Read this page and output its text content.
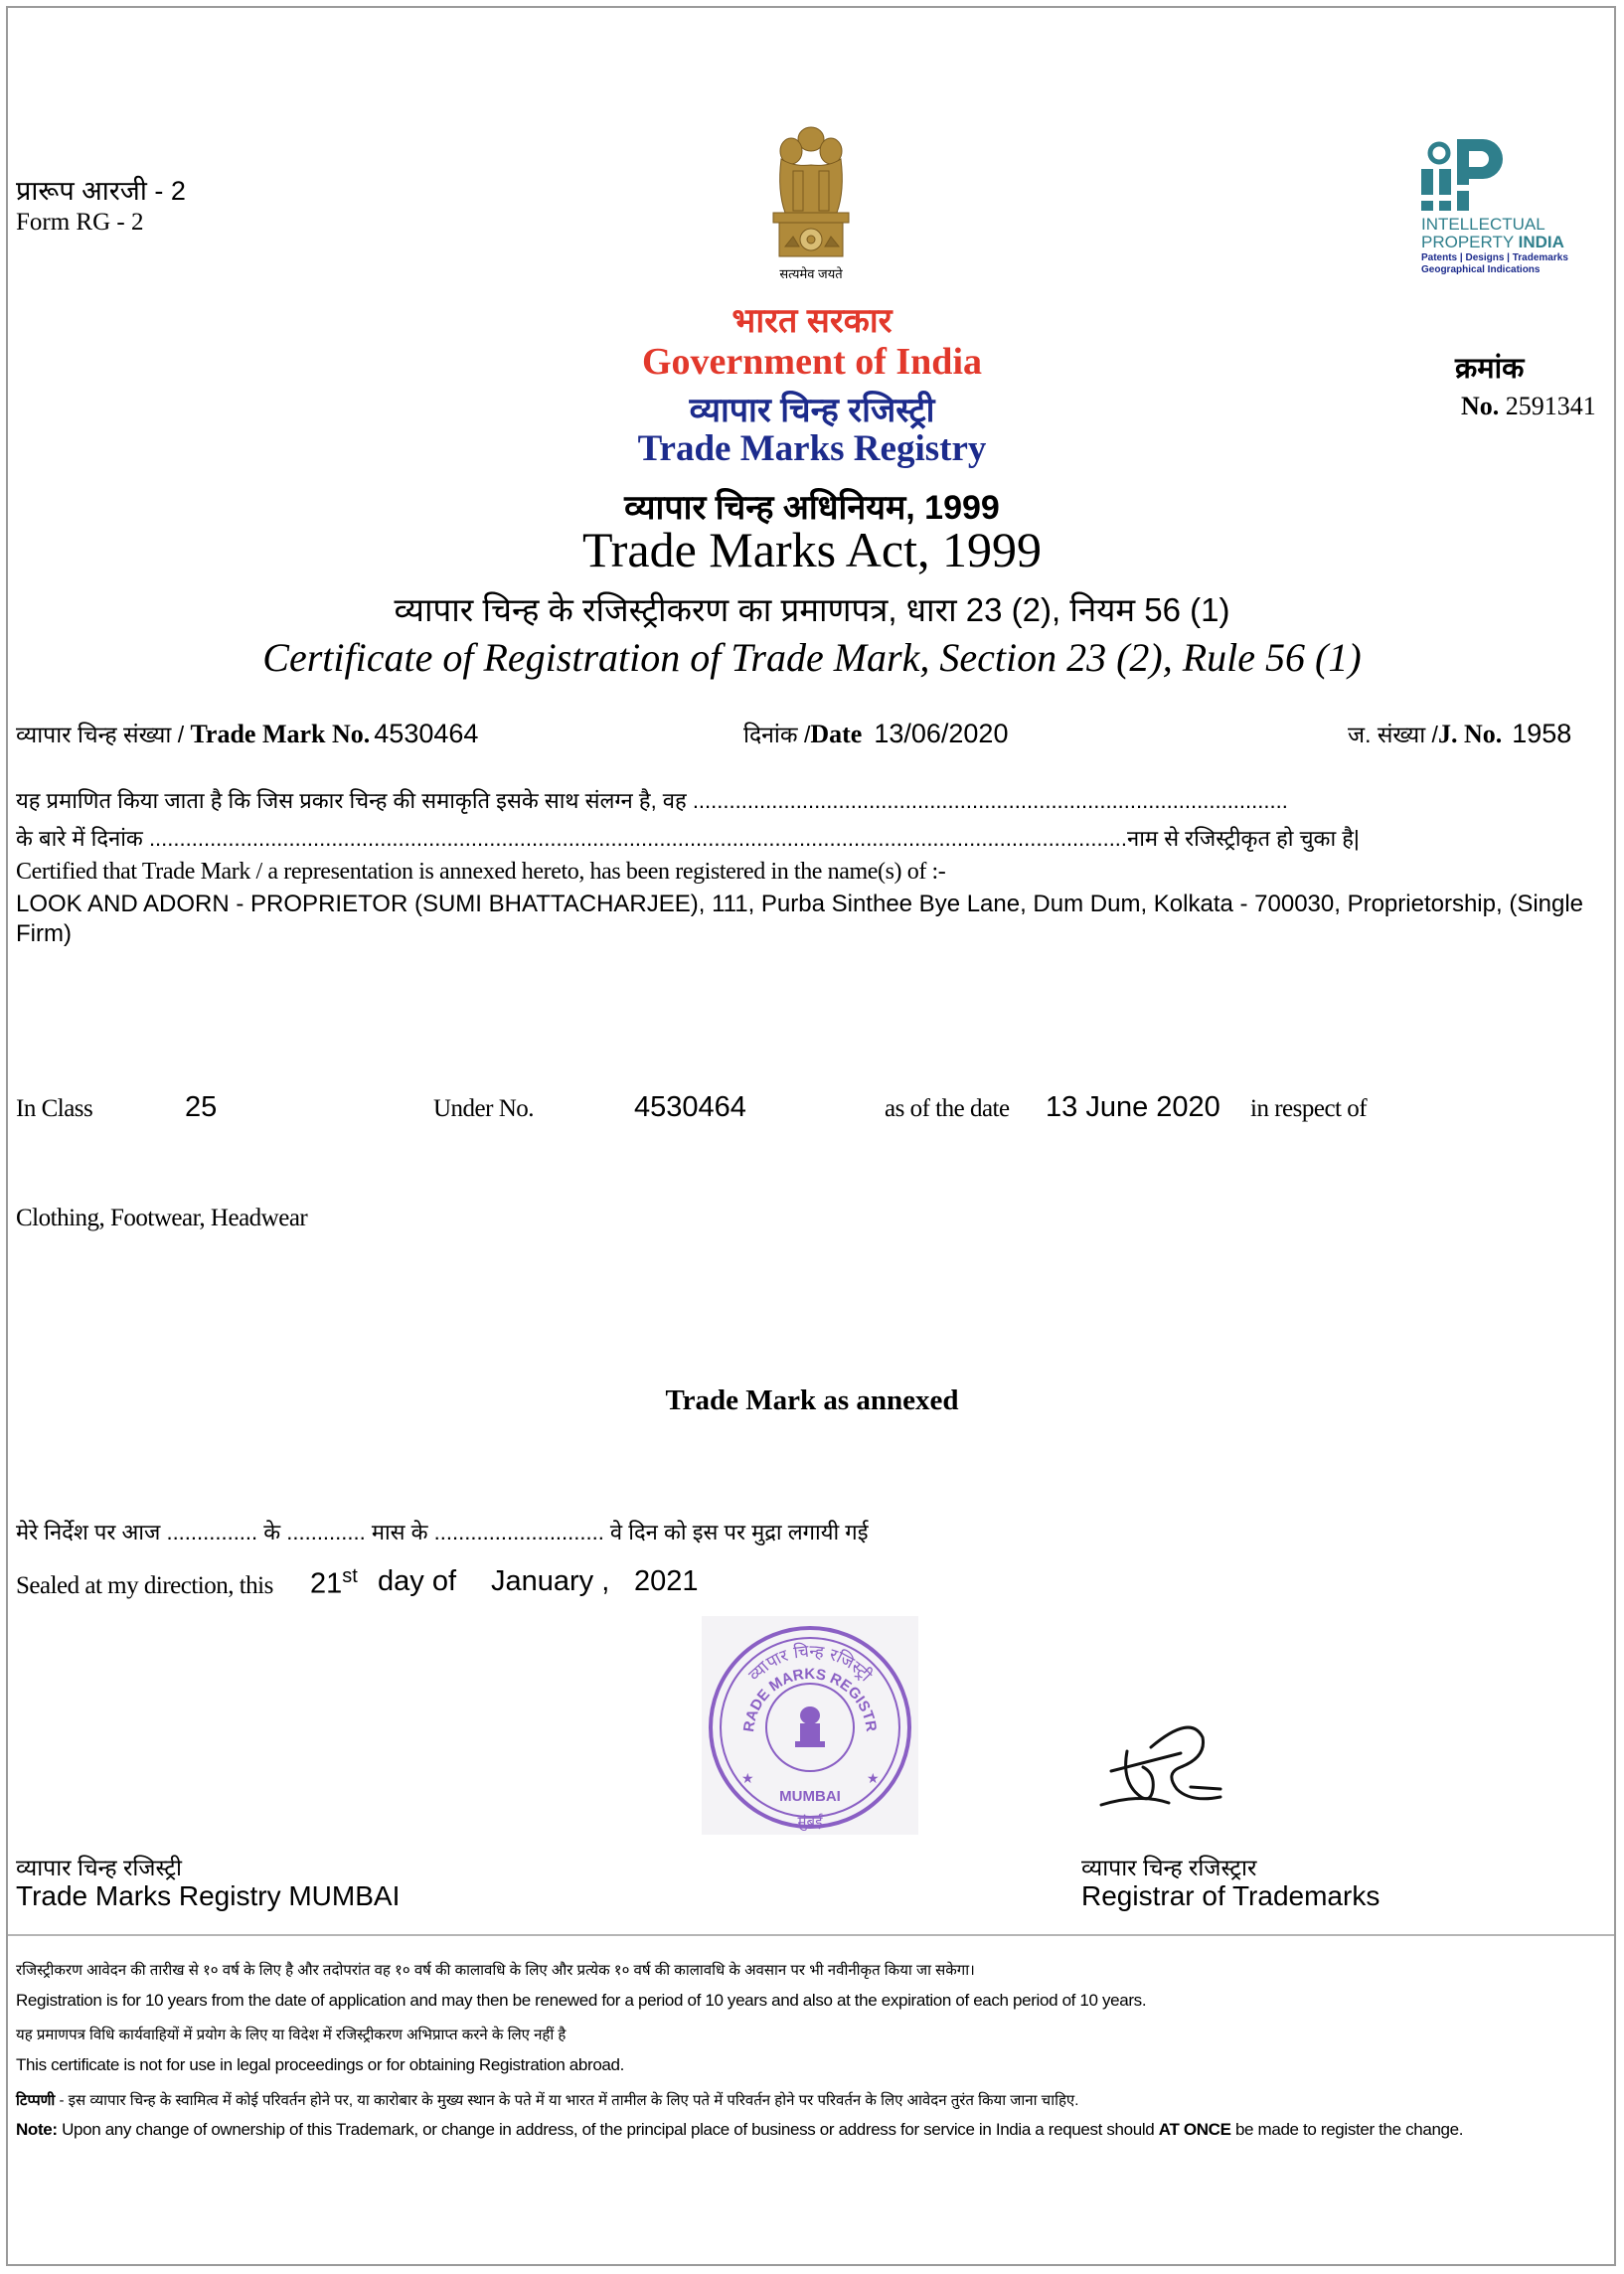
प्रारूप आरजी - 2
Form RG - 2
सत्यमेव जयते
INTELLECTUAL
PROPERTY INDIA
Patents | Designs | Trademarks
Geographical Indications
भारत सरकार
Government of India
व्यापार चिन्ह रजिस्ट्री
Trade Marks Registry
क्रमांक
No. 2591341
व्यापार चिन्ह अधिनियम, 1999
Trade Marks Act, 1999
व्यापार चिन्ह के रजिस्ट्रीकरण का प्रमाणपत्र, धारा 23 (2), नियम 56 (1)
Certificate of Registration of Trade Mark, Section 23 (2), Rule 56 (1)
व्यापार चिन्ह संख्या / Trade Mark No. 4530464	दिनांक /Date 13/06/2020	ज. संख्या /J. No. 1958
यह प्रमाणित किया जाता है कि जिस प्रकार चिन्ह की समाकृति इसके साथ संलग्न है, वह ..................................................................................................
के बारे में दिनांक .................................................................................................................................................................नाम से रजिस्ट्रीकृत हो चुका है|
Certified that Trade Mark / a representation is annexed hereto, has been registered in the name(s) of :-
LOOK AND ADORN - PROPRIETOR (SUMI BHATTACHARJEE), 111, Purba Sinthee Bye Lane, Dum Dum, Kolkata - 700030, Proprietorship, (Single Firm)
In Class	25	Under No.	4530464	as of the date 13 June 2020 in respect of
Clothing, Footwear, Headwear
Trade Mark as annexed
मेरे निर्देश पर आज ............... के ............. मास के ............................ वे दिन को इस पर मुद्रा लगायी गई
Sealed at my direction, this 21st day of January , 2021
व्यापार चिन्ह रजिस्ट्री
RADE MARKS REGISTR
★	★
MUMBAI
मुंबई
व्यापार चिन्ह रजिस्ट्री
Trade Marks Registry MUMBAI
व्यापार चिन्ह रजिस्ट्रार
Registrar of Trademarks
रजिस्ट्रीकरण आवेदन की तारीख से १० वर्ष के लिए है और तदोपरांत वह १० वर्ष की कालावधि के लिए और प्रत्येक १० वर्ष की कालावधि के अवसान पर भी नवीनीकृत किया जा सकेगा।
Registration is for 10 years from the date of application and may then be renewed for a period of 10 years and also at the expiration of each period of 10 years.
यह प्रमाणपत्र विधि कार्यवाहियों में प्रयोग के लिए या विदेश में रजिस्ट्रीकरण अभिप्राप्त करने के लिए नहीं है
This certificate is not for use in legal proceedings or for obtaining Registration abroad.
टिप्पणी - इस व्यापार चिन्ह के स्वामित्व में कोई परिवर्तन होने पर, या कारोबार के मुख्य स्थान के पते में या भारत में तामील के लिए पते में परिवर्तन होने पर परिवर्तन के लिए आवेदन तुरंत किया जाना चाहिए.
Note: Upon any change of ownership of this Trademark, or change in address, of the principal place of business or address for service in India a request should AT ONCE be made to register the change.
